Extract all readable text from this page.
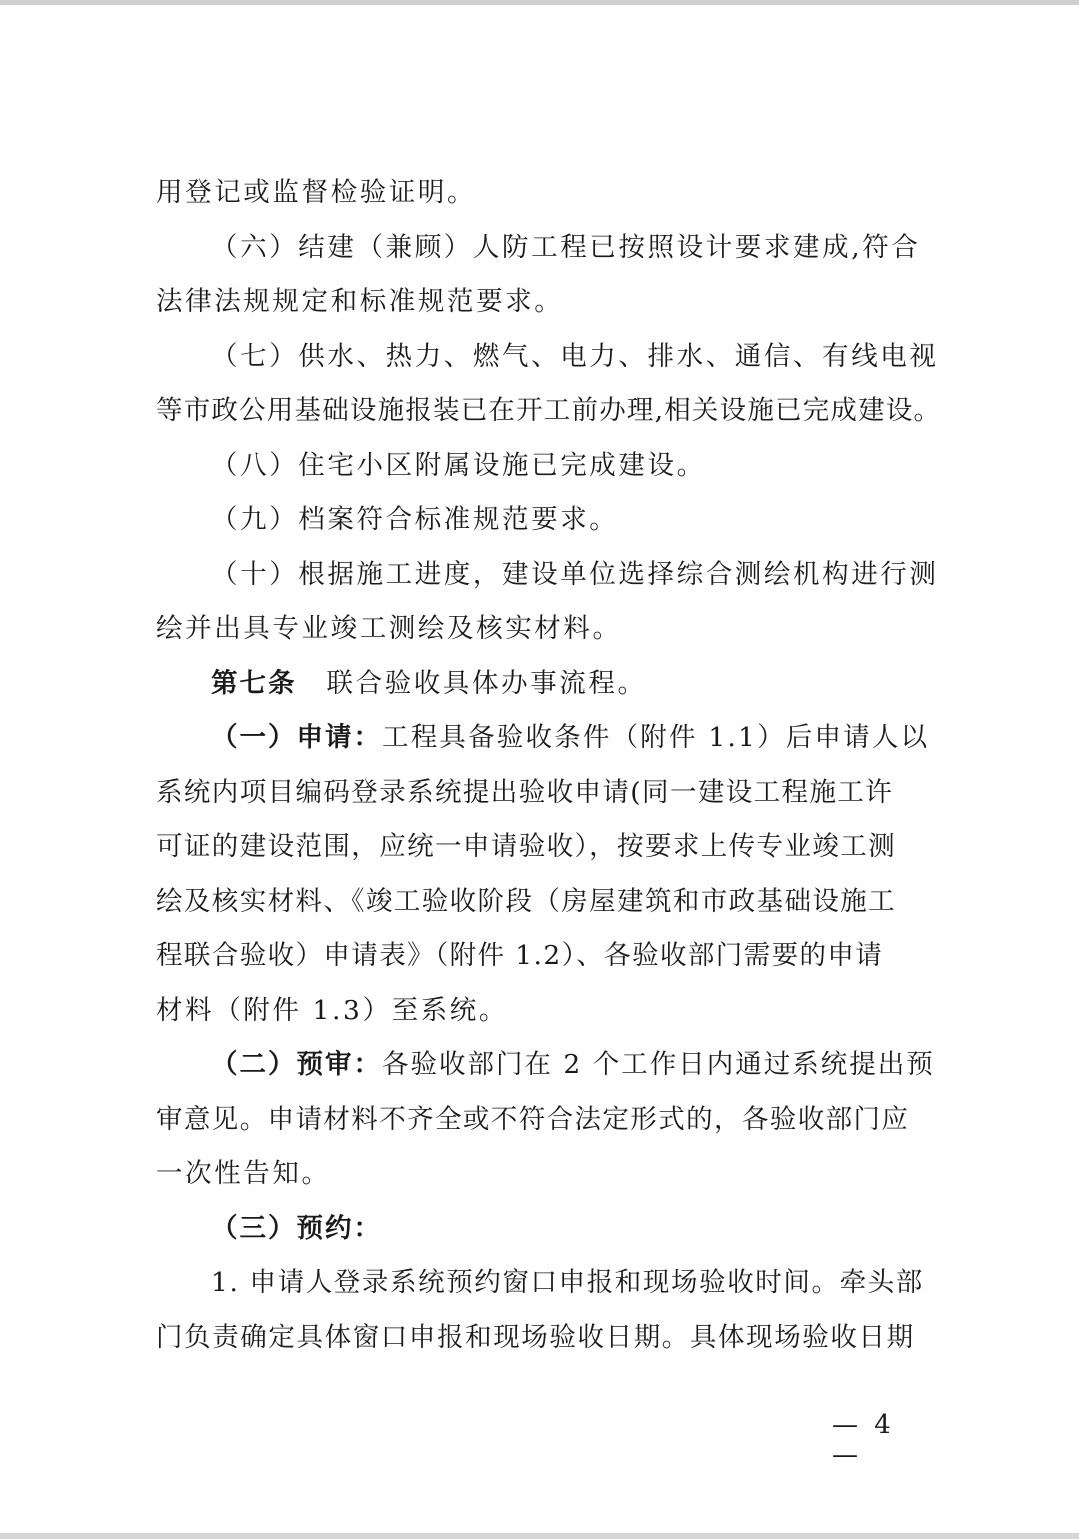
用登记或监督检验证明。
（六）结建（兼顾）人防工程已按照设计要求建成,符合
法律法规规定和标准规范要求。
（七）供水、热力、燃气、电力、排水、通信、有线电视
等市政公用基础设施报装已在开工前办理,相关设施已完成建设。
（八）住宅小区附属设施已完成建设。
（九）档案符合标准规范要求。
（十）根据施工进度，建设单位选择综合测绘机构进行测
绘并出具专业竣工测绘及核实材料。
第七条 联合验收具体办事流程。
（一）申请：工程具备验收条件（附件 1.1）后申请人以
系统内项目编码登录系统提出验收申请(同一建设工程施工许
可证的建设范围，应统一申请验收），按要求上传专业竣工测
绘及核实材料、《竣工验收阶段（房屋建筑和市政基础设施工
程联合验收）申请表》（附件 1.2）、各验收部门需要的申请
材料（附件 1.3）至系统。
（二）预审：各验收部门在 2 个工作日内通过系统提出预
审意见。申请材料不齐全或不符合法定形式的，各验收部门应
一次性告知。
（三）预约：
1. 申请人登录系统预约窗口申报和现场验收时间。牵头部
门负责确定具体窗口申报和现场验收日期。具体现场验收日期
— 4 —
